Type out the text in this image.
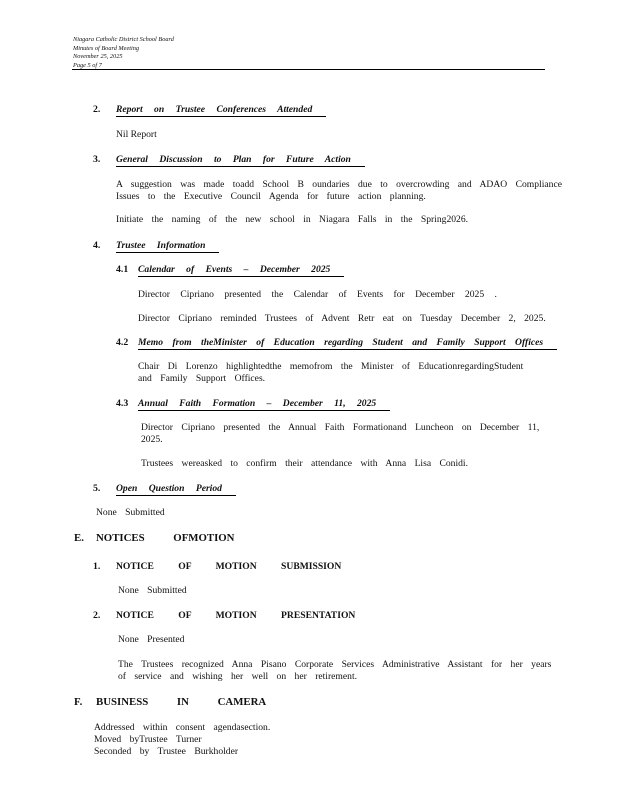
Niagara Catholic District School Board
Minutes of Board Meeting
November 25, 2025
Page 5 of 7
2. Report on Trustee Conferences Attended
Nil Report
3. General Discussion to Plan for Future Action
A suggestion was made toadd School B oundaries due to overcrowding and ADAO Compliance
Issues to the Executive Council Agenda for future action planning.
Initiate the naming of the new school in Niagara Falls in the Spring2026.
4. Trustee Information
4.1 Calendar of Events – December 2025
Director Cipriano presented the Calendar of Events for December 2025 .
Director Cipriano reminded Trustees of Advent Retr eat on Tuesday December 2, 2025.
4.2 Memo from theMinister of Education regarding Student and Family Support Offices
Chair Di Lorenzo highlightedthe memofrom the Minister of EducationregardingStudent
and Family Support Offices.
4.3 Annual Faith Formation – December 11, 2025
Director Cipriano presented the Annual Faith Formationand Luncheon on December 11,
2025.
Trustees wereasked to confirm their attendance with Anna Lisa Conidi.
5. Open Question Period
None Submitted
E. NOTICES OFMOTION
1. NOTICE OF MOTION SUBMISSION
None Submitted
2. NOTICE OF MOTION PRESENTATION
None Presented
The Trustees recognized Anna Pisano Corporate Services Administrative Assistant for her years
of service and wishing her well on her retirement.
F. BUSINESS IN CAMERA
Addressed within consent agendasection.
Moved byTrustee Turner
Seconded by Trustee Burkholder
